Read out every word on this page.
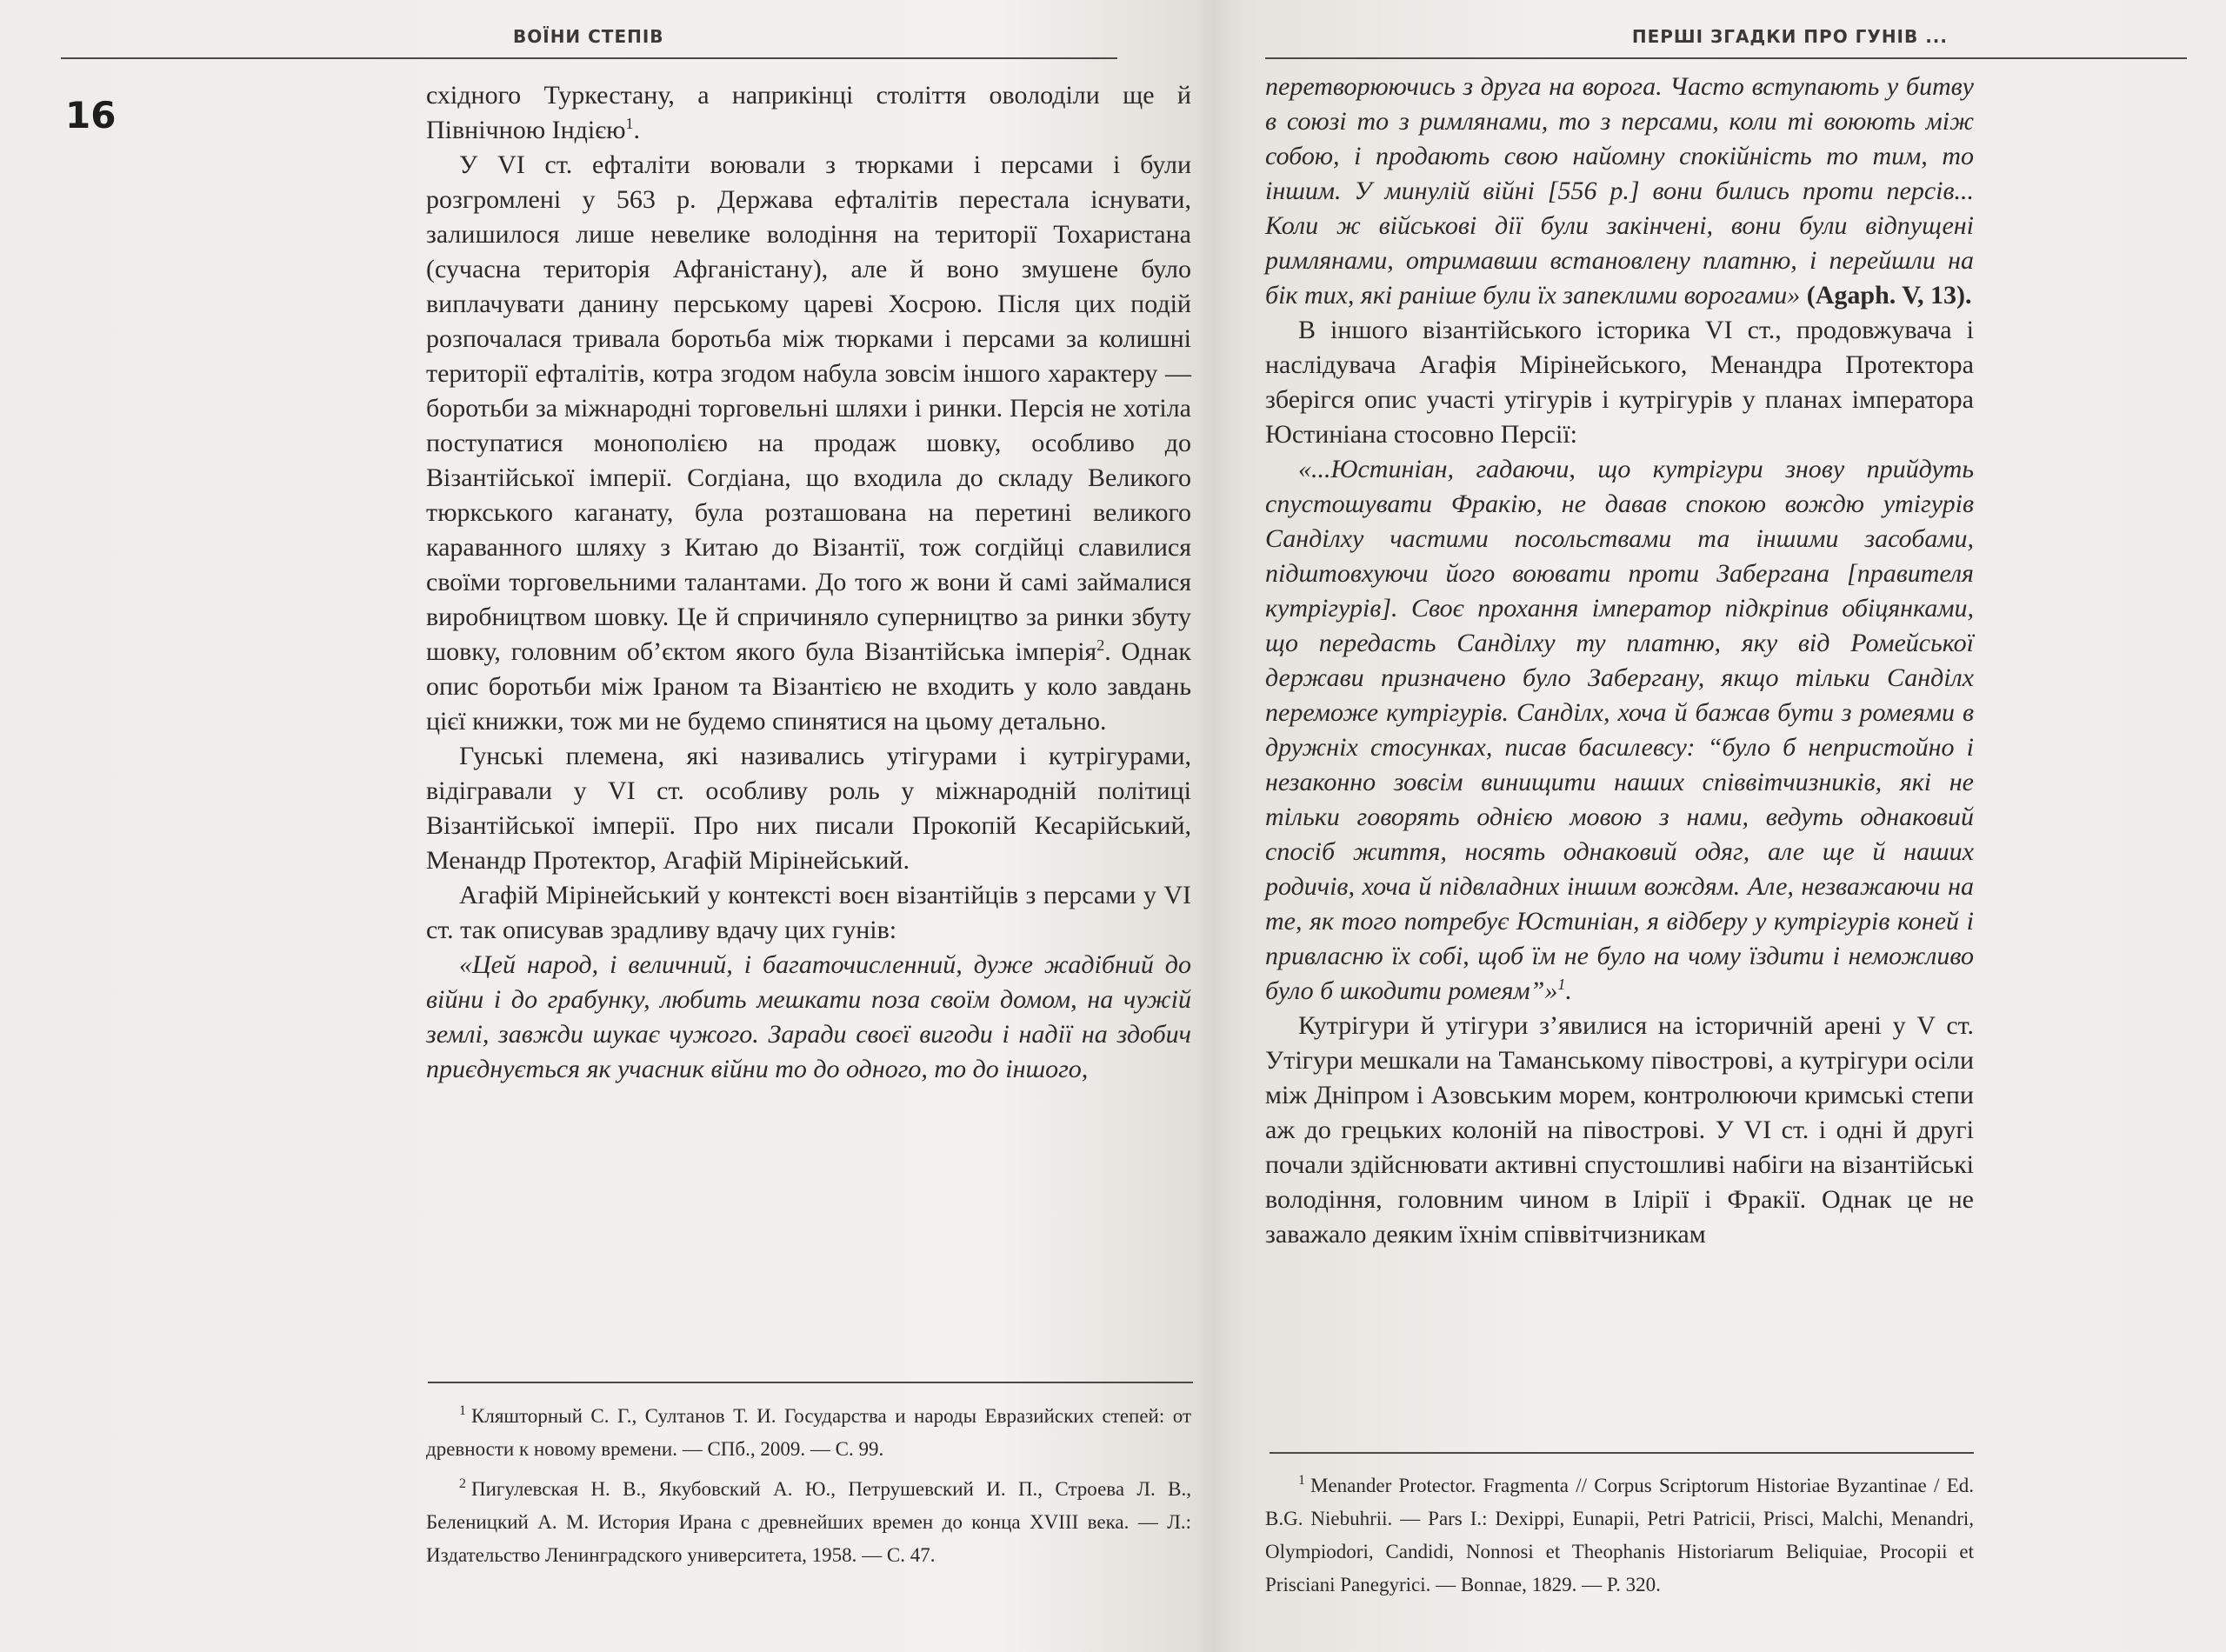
ВОЇНИ СТЕПІВ
16	східного Туркестану, а наприкінці століття оволоділи ще й Північною Індією$^1$.

У VI ст. ефталіти воювали з тюрками і персами і були розгромлені у 563 р. Держава ефталітів перестала існувати, залишилося лише невелике володіння на території Тохаристана (сучасна територія Афганістану), але й воно змушене було виплачувати данину перському цареві Хосрою. Після цих подій розпочалася тривала боротьба між тюрками і персами за колишні території ефталітів, котра згодом набула зовсім іншого характеру — боротьби за міжнародні торговельні шляхи і ринки. Персія не хотіла поступатися монополією на продаж шовку, особливо до Візантійської імперії. Согдіана, що входила до складу Великого тюркського каганату, була розташована на перетині великого караванного шляху з Китаю до Візантії, тож согдійці славилися своїми торговельними талантами. До того ж вони й самі займалися виробництвом шовку. Це й спричиняло суперництво за ринки збуту шовку, головним об’єктом якого була Візантійська імперія$^2$. Однак опис боротьби між Іраном та Візантією не входить у коло завдань цієї книжки, тож ми не будемо спинятися на цьому детально.

Гунські племена, які називались утігурами і кутрігурами, відігравали у VI ст. особливу роль у міжнародній політиці Візантійської імперії. Про них писали Прокопій Кесарійський, Менандр Протектор, Агафій Мірінейський.

Агафій Мірінейський у контексті воєн візантійців з персами у VI ст. так описував зрадливу вдачу цих гунів:

«Цей народ, і величний, і багаточисленний, дуже жадібний до війни і до грабунку, любить мешкати поза своїм домом, на чужій землі, завжди шукає чужого. Заради своєї вигоди і надії на здобич приєднується як учасник війни то до одного, то до іншого,

$^1$ Кляшторный С. Г., Султанов Т. И. Государства и народы Евразийских степей: от древности к новому времени. — СПб., 2009. — С. 99.

$^2$ Пигулевская Н. В., Якубовский А. Ю., Петрушевский И. П., Строева Л. В., Беленицкий А. М. История Ирана с древнейших времен до конца XVIII века. — Л.: Издательство Ленинградского университета, 1958. — С. 47.

ПЕРШІ ЗГАДКИ ПРО ГУНІВ ...

перетворюючись з друга на ворога. Часто вступають у битву в союзі то з римлянами, то з персами, коли ті воюють між собою, і продають свою найомну спокійність то тим, то іншим. У минулій війні [556 р.] вони бились проти персів... Коли ж військові дії були закінчені, вони були відпущені римлянами, отримавши встановлену платню, і перейшли на бік тих, які раніше були їх запеклими ворогами» (Agaph. V, 13).

В іншого візантійського історика VI ст., продовжувача і наслідувача Агафія Мірінейського, Менандра Протектора зберігся опис участі утігурів і кутрігурів у планах імператора Юстиніана стосовно Персії:

«...Юстиніан, гадаючи, що кутрігури знову прийдуть спустошувати Фракію, не давав спокою вождю утігурів Санділху частими посольствами та іншими засобами, підштовхуючи його воювати проти Заберганa [правителя кутрігурів]. Своє прохання імператор підкріпив обіцянками, що передасть Санділху ту платню, яку від Ромейської держави призначено було Забергану, якщо тільки Санділх переможе кутрігурів. Санділх, хоча й бажав бути з ромеями в дружніх стосунках, писав басилевсу: “було б непристойно і незаконно зовсім винищити наших співвітчизників, які не тільки говорять однією мовою з нами, ведуть однаковий спосіб життя, носять однаковий одяг, але ще й наших родичів, хоча й підвладних іншим вождям. Але, незважаючи на те, як того потребує Юстиніан, я відберу у кутрігурів коней і привласню їх собі, щоб їм не було на чому їздити і неможливо було б шкодити ромеям”»$^1$.

Кутрігури й утігури з’явилися на історичній арені у V ст. Утігури мешкали на Таманському півострові, а кутрігури осіли між Дніпром і Азовським морем, контролюючи кримські степи аж до грецьких колоній на півострові. У VI ст. і одні й другі почали здійснювати активні спустошливі набіги на візантійські володіння, головним чином в Ілірії і Фракії. Однак це не заважало деяким їхнім співвітчизникам

$^1$ Menander Protector. Fragmenta // Corpus Scriptorum Historiae Byzantinae / Ed. B.G. Niebuhrii. — Pars I.: Dexippi, Eunapii, Petri Patricii, Prisci, Malchi, Menandri, Olympiodori, Candidi, Nonnosi et Theophanis Historiarum Beliquiae, Procopii et Prisciani Panegyrici. — Bonnae, 1829. — P. 320.
